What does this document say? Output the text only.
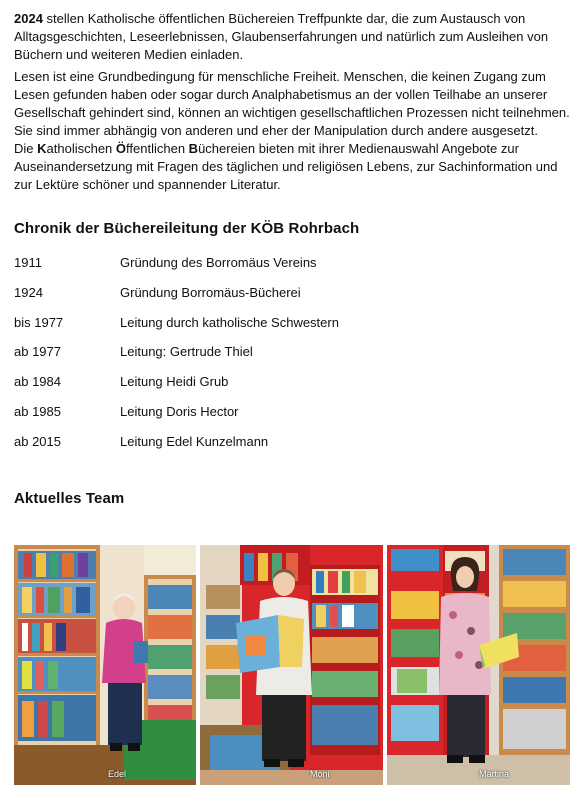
2024 stellen Katholische öffentlichen Büchereien Treffpunkte dar, die zum Austausch von Alltagsgeschichten, Leseerlebnissen, Glaubenserfahrungen und natürlich zum Ausleihen von Büchern und weiteren Medien einladen.
Lesen ist eine Grundbedingung für menschliche Freiheit. Menschen, die keinen Zugang zum Lesen gefunden haben oder sogar durch Analphabetismus an der vollen Teilhabe an unserer Gesellschaft gehindert sind, können an wichtigen gesellschaftlichen Prozessen nicht teilnehmen. Sie sind immer abhängig von anderen und eher der Manipulation durch andere ausgesetzt.
Die Katholischen Öffentlichen Büchereien bieten mit ihrer Medienauswahl Angebote zur Auseinandersetzung mit Fragen des täglichen und religiösen Lebens, zur Sachinformation und zur Lektüre schöner und spannender Literatur.
Chronik der Büchereileitung der KÖB Rohrbach
1911	Gründung des Borromäus Vereins
1924	Gründung Borromäus-Bücherei
bis 1977	Leitung durch katholische Schwestern
ab 1977	Leitung: Gertrude Thiel
ab 1984	Leitung Heidi Grub
ab 1985	Leitung Doris Hector
ab 2015	Leitung Edel Kunzelmann
Aktuelles Team
Edel	Moni	Martina
